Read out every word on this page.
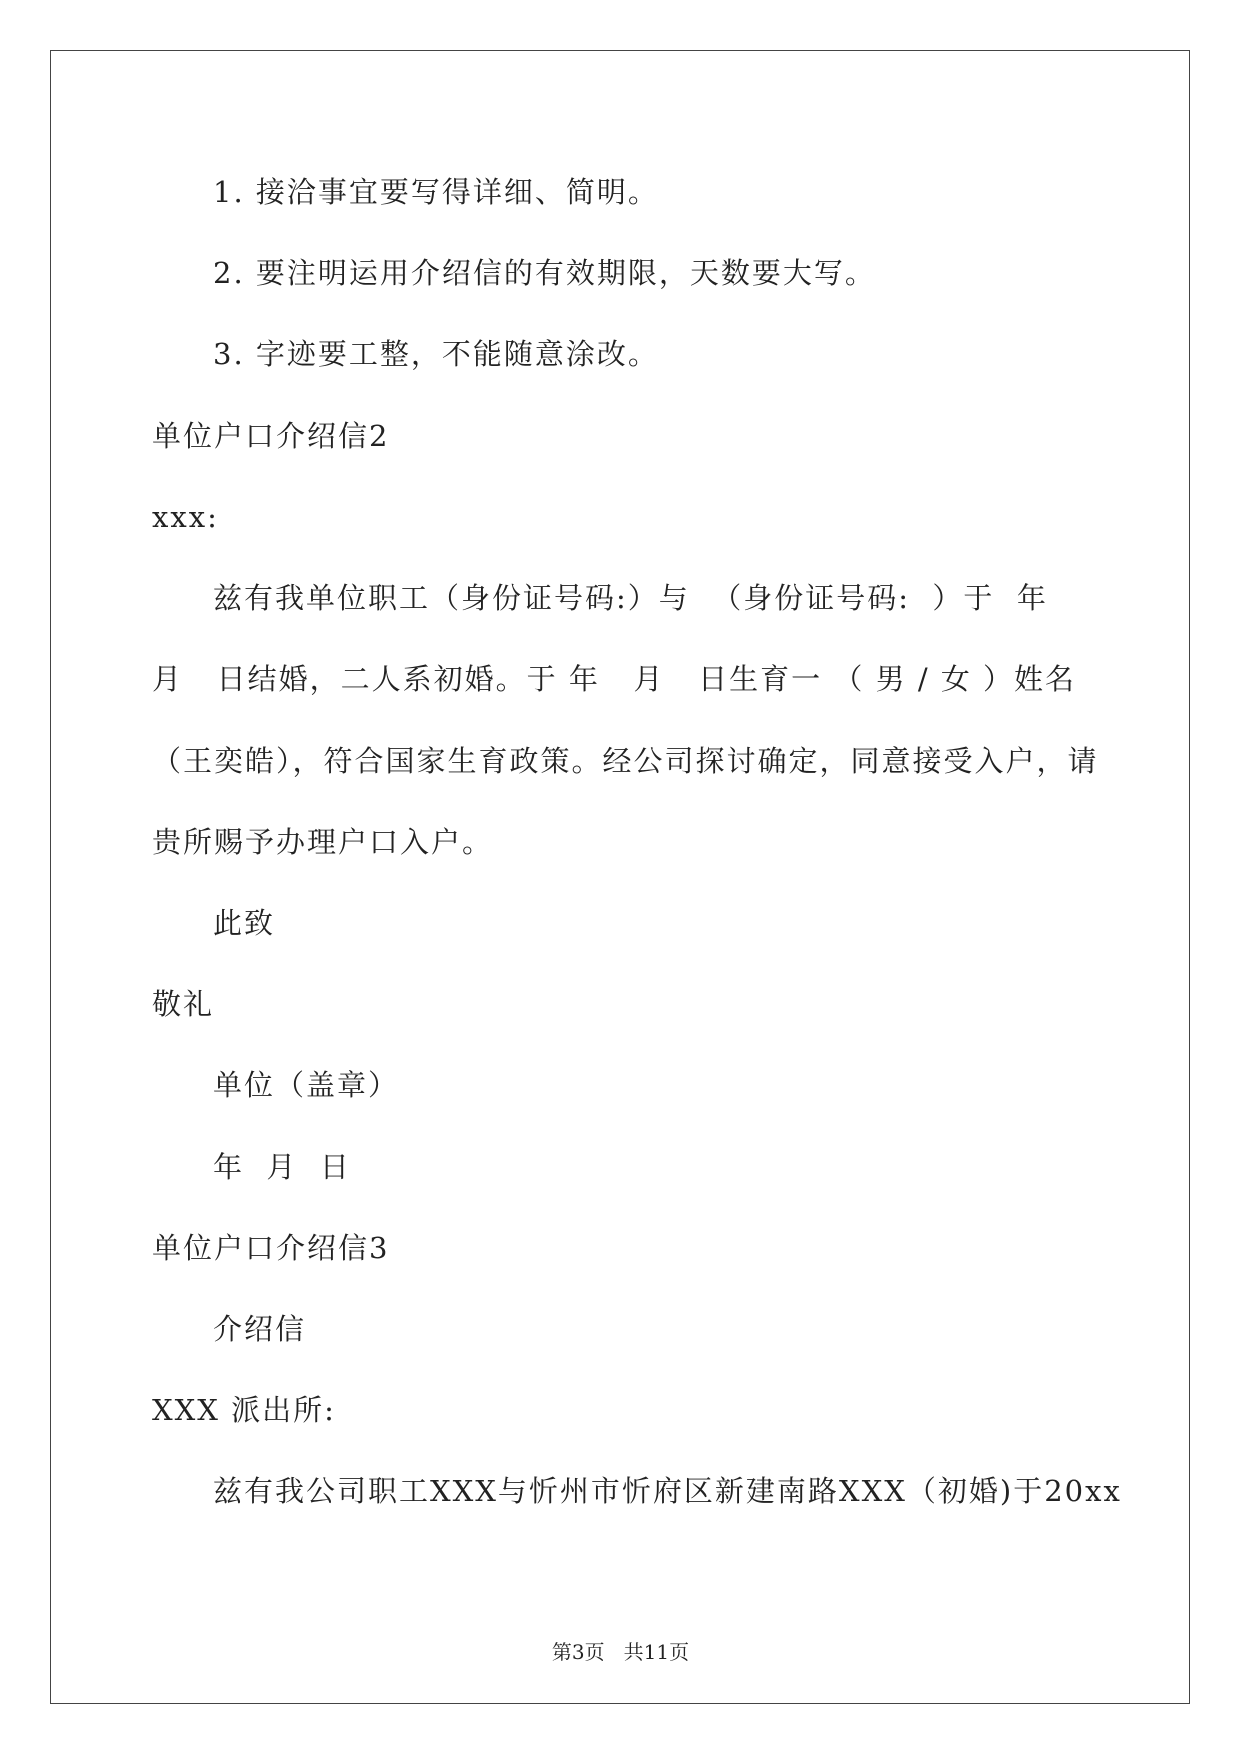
1. 接洽事宜要写得详细、简明。
2. 要注明运用介绍信的有效期限，天数要大写。
3. 字迹要工整，不能随意涂改。
单位户口介绍信2
xxx:
兹有我单位职工（身份证号码:）与  （身份证号码:  ）于  年
月   日结婚，二人系初婚。于 年   月   日生育一 （ 男 / 女 ）姓名
（王奕皓），符合国家生育政策。经公司探讨确定，同意接受入户，请
贵所赐予办理户口入户。
此致
敬礼
单位（盖章）
年  月  日
单位户口介绍信3
介绍信
XXX 派出所:
兹有我公司职工XXX与忻州市忻府区新建南路XXX（初婚)于20xx
第3页   共11页
